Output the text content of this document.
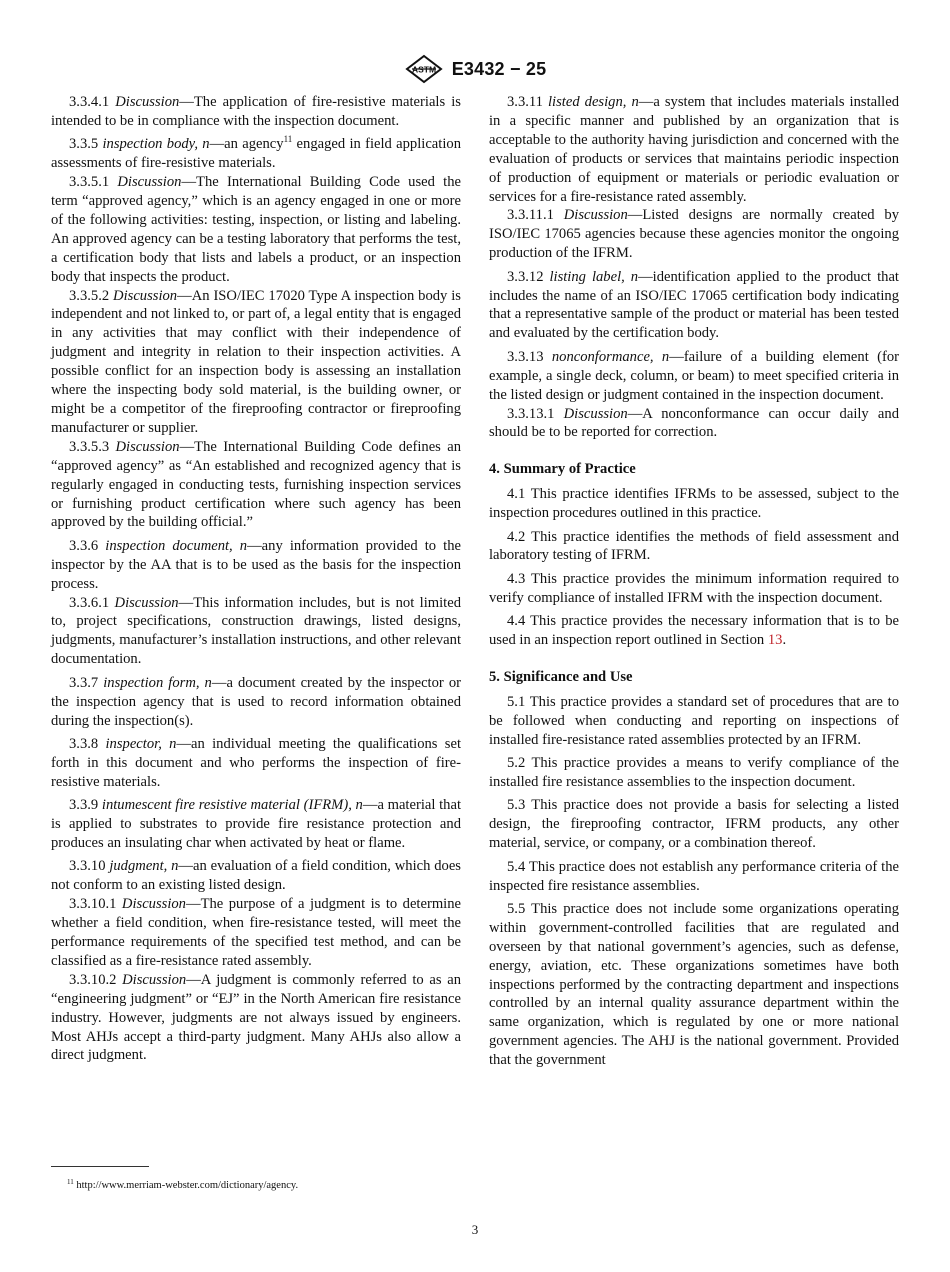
ASTM E3432 − 25

3.3.4.1 Discussion—The application of fire-resistive materials is intended to be in compliance with the inspection document.

3.3.5 inspection body, n—an agency$^{11}$ engaged in field application assessments of fire-resistive materials.

3.3.5.1 Discussion—The International Building Code used the term “approved agency,” which is an agency engaged in one or more of the following activities: testing, inspection, or listing and labeling. An approved agency can be a testing laboratory that performs the test, a certification body that lists and labels a product, or an inspection body that inspects the product.

3.3.5.2 Discussion—An ISO/IEC 17020 Type A inspection body is independent and not linked to, or part of, a legal entity that is engaged in any activities that may conflict with their independence of judgment and integrity in relation to their inspection activities. A possible conflict for an inspection body is assessing an installation where the inspecting body sold material, is the building owner, or might be a competitor of the fireproofing contractor or fireproofing manufacturer or supplier.

3.3.5.3 Discussion—The International Building Code defines an “approved agency” as “An established and recognized agency that is regularly engaged in conducting tests, furnishing inspection services or furnishing product certification where such agency has been approved by the building official.”

3.3.6 inspection document, n—any information provided to the inspector by the AA that is to be used as the basis for the inspection process.

3.3.6.1 Discussion—This information includes, but is not limited to, project specifications, construction drawings, listed designs, judgments, manufacturer’s installation instructions, and other relevant documentation.

3.3.7 inspection form, n—a document created by the inspector or the inspection agency that is used to record information obtained during the inspection(s).

3.3.8 inspector, n—an individual meeting the qualifications set forth in this document and who performs the inspection of fire-resistive materials.

3.3.9 intumescent fire resistive material (IFRM), n—a material that is applied to substrates to provide fire resistance protection and produces an insulating char when activated by heat or flame.

3.3.10 judgment, n—an evaluation of a field condition, which does not conform to an existing listed design.

3.3.10.1 Discussion—The purpose of a judgment is to determine whether a field condition, when fire-resistance tested, will meet the performance requirements of the specified test method, and can be classified as a fire-resistance rated assembly.

3.3.10.2 Discussion—A judgment is commonly referred to as an “engineering judgment” or “EJ” in the North American fire resistance industry. However, judgments are not always issued by engineers. Most AHJs accept a third-party judgment. Many AHJs also allow a direct judgment.

3.3.11 listed design, n—a system that includes materials installed in a specific manner and published by an organization that is acceptable to the authority having jurisdiction and concerned with the evaluation of products or services that maintains periodic inspection of production of equipment or materials or periodic evaluation or services for a fire-resistance rated assembly.

3.3.11.1 Discussion—Listed designs are normally created by ISO/IEC 17065 agencies because these agencies monitor the ongoing production of the IFRM.

3.3.12 listing label, n—identification applied to the product that includes the name of an ISO/IEC 17065 certification body indicating that a representative sample of the product or material has been tested and evaluated by the certification body.

3.3.13 nonconformance, n—failure of a building element (for example, a single deck, column, or beam) to meet specified criteria in the listed design or judgment contained in the inspection document.

3.3.13.1 Discussion—A nonconformance can occur daily and should be to be reported for correction.

4. Summary of Practice

4.1 This practice identifies IFRMs to be assessed, subject to the inspection procedures outlined in this practice.

4.2 This practice identifies the methods of field assessment and laboratory testing of IFRM.

4.3 This practice provides the minimum information required to verify compliance of installed IFRM with the inspection document.

4.4 This practice provides the necessary information that is to be used in an inspection report outlined in Section 13.

5. Significance and Use

5.1 This practice provides a standard set of procedures that are to be followed when conducting and reporting on inspections of installed fire-resistance rated assemblies protected by an IFRM.

5.2 This practice provides a means to verify compliance of the installed fire resistance assemblies to the inspection document.

5.3 This practice does not provide a basis for selecting a listed design, the fireproofing contractor, IFRM products, any other material, service, or company, or a combination thereof.

5.4 This practice does not establish any performance criteria of the inspected fire resistance assemblies.

5.5 This practice does not include some organizations operating within government-controlled facilities that are regulated and overseen by that national government’s agencies, such as defense, energy, aviation, etc. These organizations sometimes have both inspections performed by the contracting department and inspections controlled by an internal quality assurance department within the same organization, which is regulated by one or more national government agencies. The AHJ is the national government. Provided that the government

$^{11}$ http://www.merriam-webster.com/dictionary/agency.
3
